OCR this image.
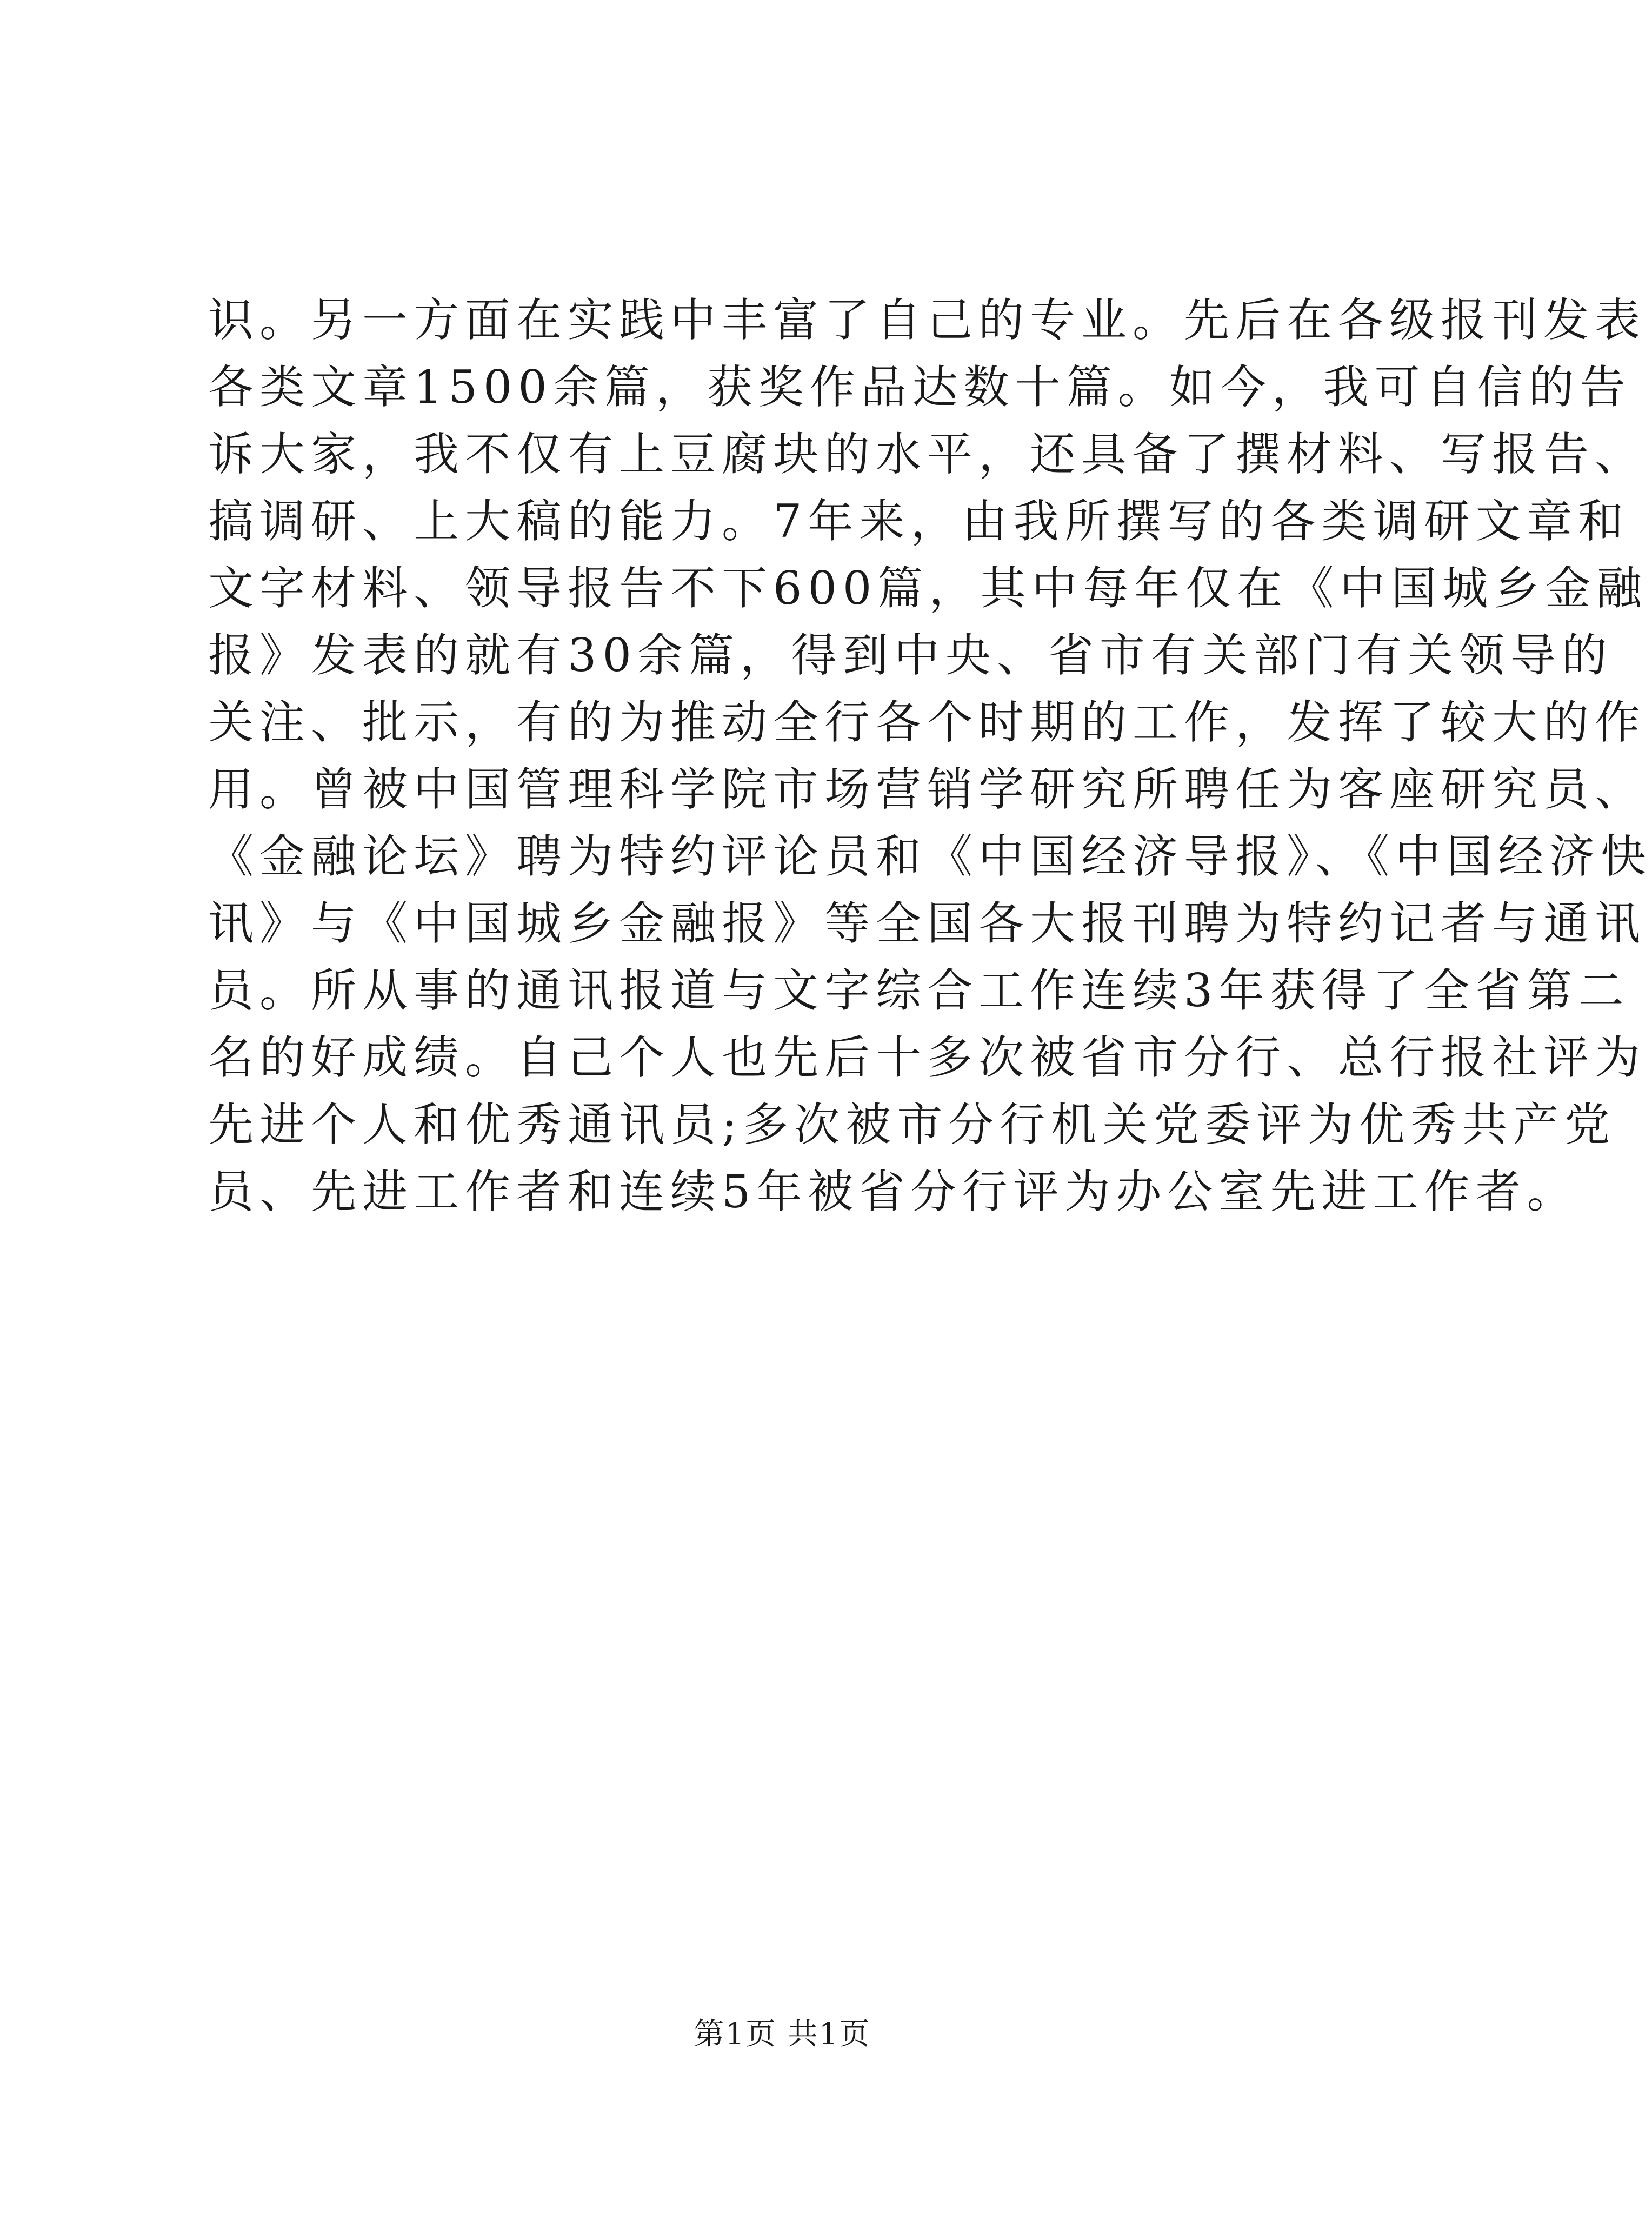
识。另一方面在实践中丰富了自己的专业。先后在各级报刊发表
各类文章1500余篇，获奖作品达数十篇。如今，我可自信的告
诉大家，我不仅有上豆腐块的水平，还具备了撰材料、写报告、
搞调研、上大稿的能力。7年来，由我所撰写的各类调研文章和
文字材料、领导报告不下600篇，其中每年仅在《中国城乡金融
报》发表的就有30余篇，得到中央、省市有关部门有关领导的
关注、批示，有的为推动全行各个时期的工作，发挥了较大的作
用。曾被中国管理科学院市场营销学研究所聘任为客座研究员、
《金融论坛》聘为特约评论员和《中国经济导报》、《中国经济快
讯》与《中国城乡金融报》等全国各大报刊聘为特约记者与通讯
员。所从事的通讯报道与文字综合工作连续3年获得了全省第二
名的好成绩。自己个人也先后十多次被省市分行、总行报社评为
先进个人和优秀通讯员;多次被市分行机关党委评为优秀共产党
员、先进工作者和连续5年被省分行评为办公室先进工作者。
第1页 共1页
